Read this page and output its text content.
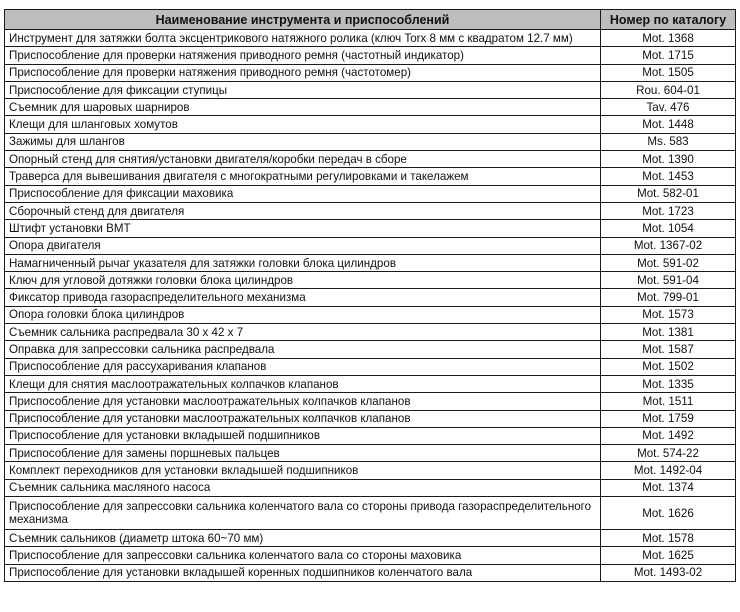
Наименование инструмента и приспособлений	Номер по каталогу
Инструмент для затяжки болта эксцентрикового натяжного ролика (ключ Torx 8 мм с квадратом 12.7 мм)	Mot. 1368
Приспособление для проверки натяжения приводного ремня (частотный индикатор)	Mot. 1715
Приспособление для проверки натяжения приводного ремня (частотомер)	Mot. 1505
Приспособление для фиксации ступицы	Rou. 604-01
Съемник для шаровых шарниров	Tav. 476
Клещи для шланговых хомутов	Mot. 1448
Зажимы для шлангов	Ms. 583
Опорный стенд для снятия/установки двигателя/коробки передач в сборе	Mot. 1390
Траверса для вывешивания двигателя с многократными регулировками и такелажем	Mot. 1453
Приспособление для фиксации маховика	Mot. 582-01
Сборочный стенд для двигателя	Mot. 1723
Штифт установки ВМТ	Mot. 1054
Опора двигателя	Mot. 1367-02
Намагниченный рычаг указателя для затяжки головки блока цилиндров	Mot. 591-02
Ключ для угловой дотяжки головки блока цилиндров	Mot. 591-04
Фиксатор привода газораспределительного механизма	Mot. 799-01
Опора головки блока цилиндров	Mot. 1573
Съемник сальника распредвала 30 x 42 x 7	Mot. 1381
Оправка для запрессовки сальника распредвала	Mot. 1587
Приспособление для рассухаривания клапанов	Mot. 1502
Клещи для снятия маслоотражательных колпачков клапанов	Mot. 1335
Приспособление для установки маслоотражательных колпачков клапанов	Mot. 1511
Приспособление для установки маслоотражательных колпачков клапанов	Mot. 1759
Приспособление для установки вкладышей подшипников	Mot. 1492
Приспособление для замены поршневых пальцев	Mot. 574-22
Комплект переходников для установки вкладышей подшипников	Mot. 1492-04
Съемник сальника масляного насоса	Mot. 1374
Приспособление для запрессовки сальника коленчатого вала со стороны привода газораспределительного механизма	Mot. 1626
Съемник сальников (диаметр штока 60~70 мм)	Mot. 1578
Приспособление для запрессовки сальника коленчатого вала со стороны маховика	Mot. 1625
Приспособление для установки вкладышей коренных подшипников коленчатого вала	Mot. 1493-02
